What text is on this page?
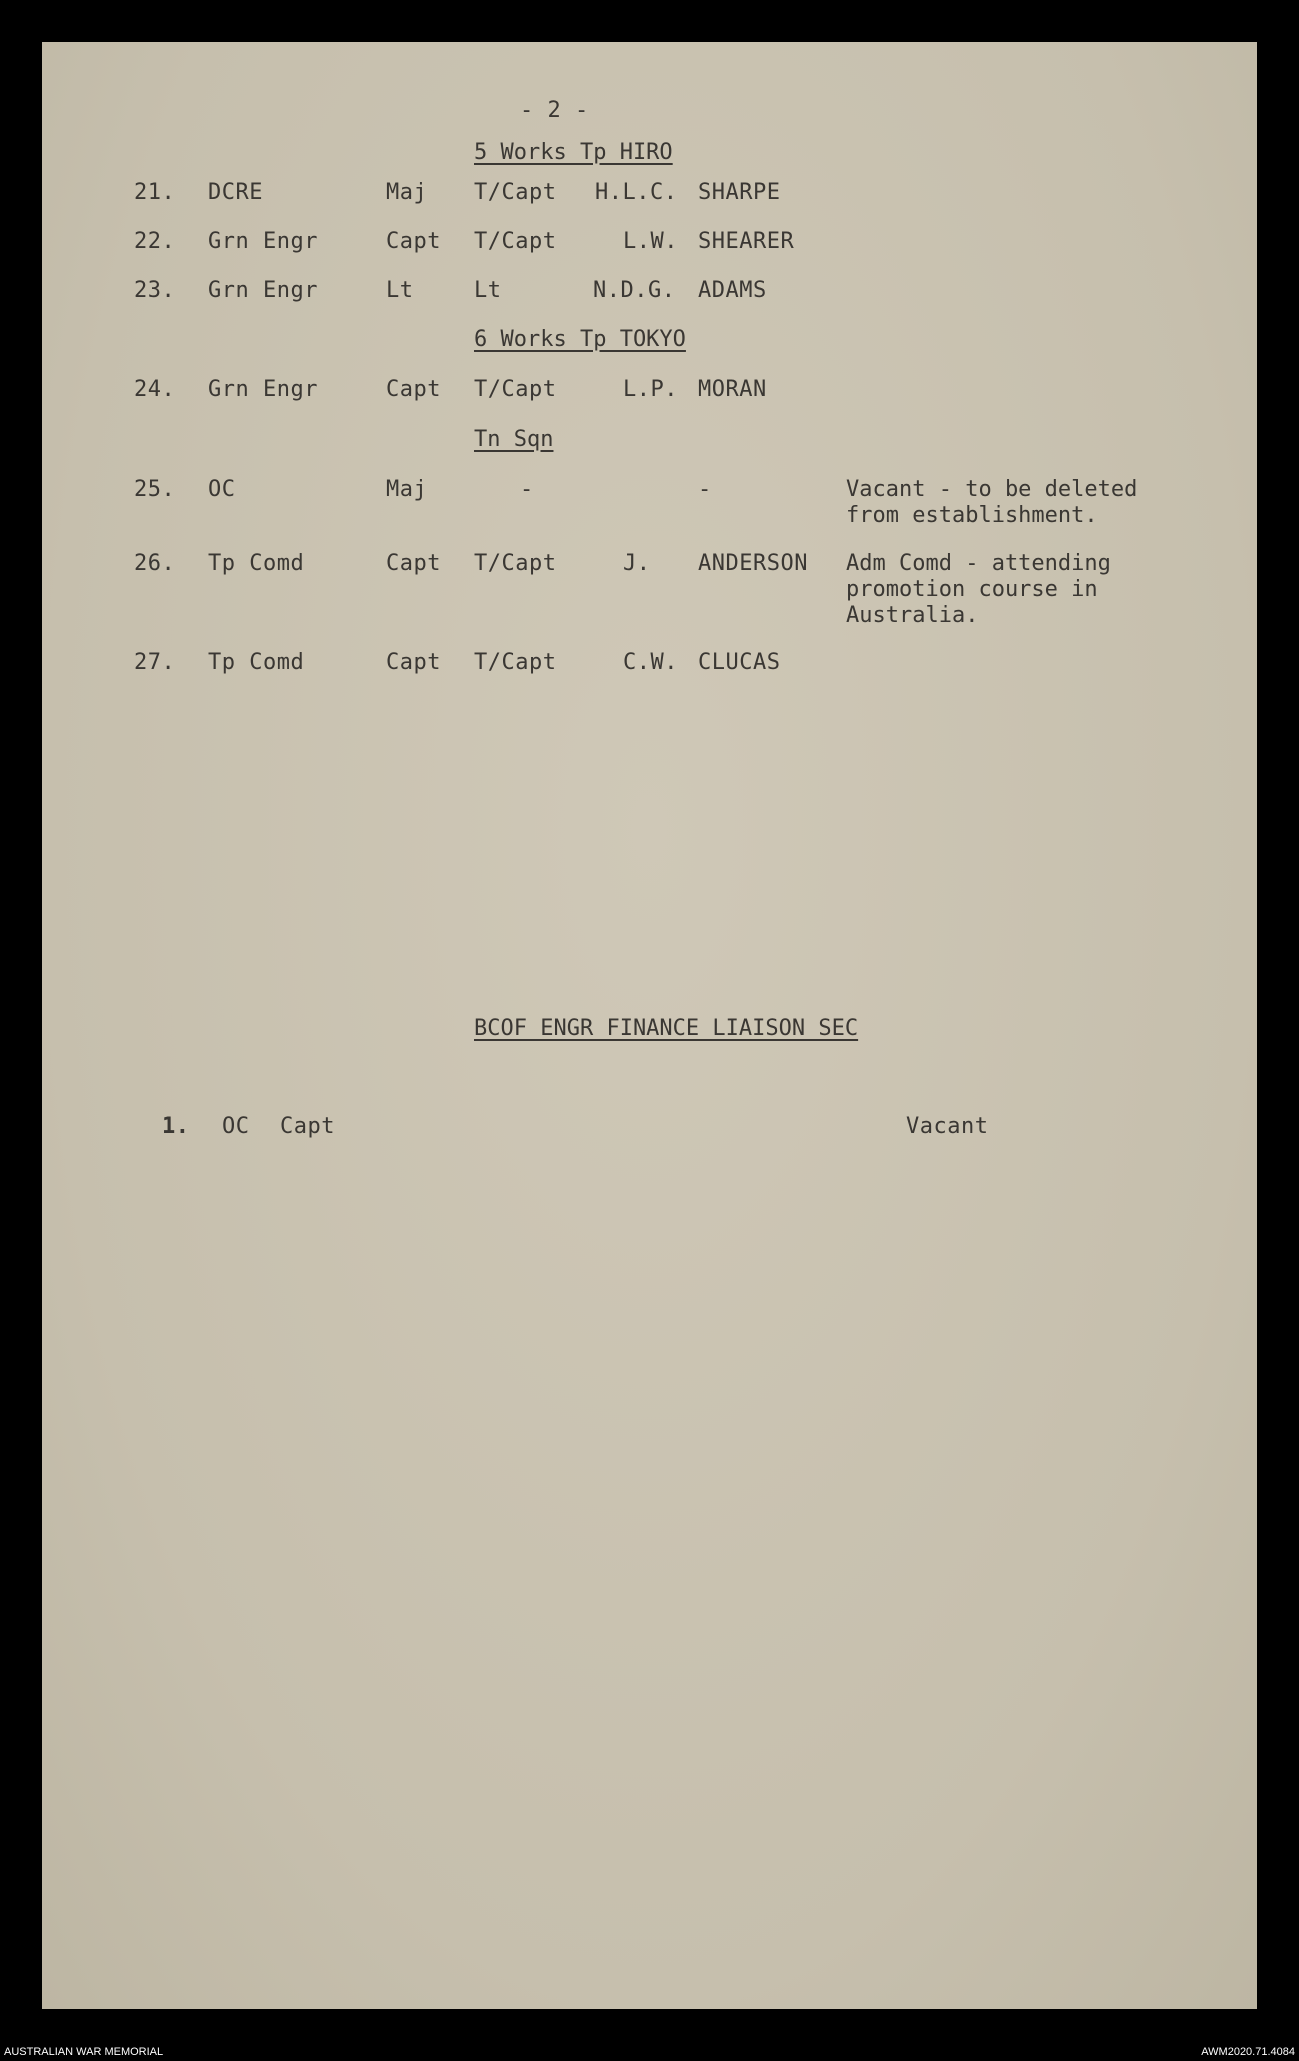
- 2 -
5 Works Tp HIRO
21. DCRE	Maj T/Capt H.L.C. SHARPE
22. Grn Engr	Capt T/Capt	L.W. SHEARER
23. Grn Engr	Lt	Lt	N.D.G. ADAMS
6 Works Tp TOKYO
24. Grn Engr	Capt T/Capt	L.P. MORAN
Tn Sqn
25. OC	Maj	-	-	Vacant - to be deleted
from establishment.
26. Tp Comd	Capt T/Capt	J. ANDERSON Adm Comd - attending
promotion course in
Australia.
27. Tp Comd	Capt T/Capt	C.W. CLUCAS
BCOF ENGR FINANCE LIAISON SEC
1. OC Capt	Vacant
AUSTRALIAN WAR MEMORIAL	AWM2020.71.4084
